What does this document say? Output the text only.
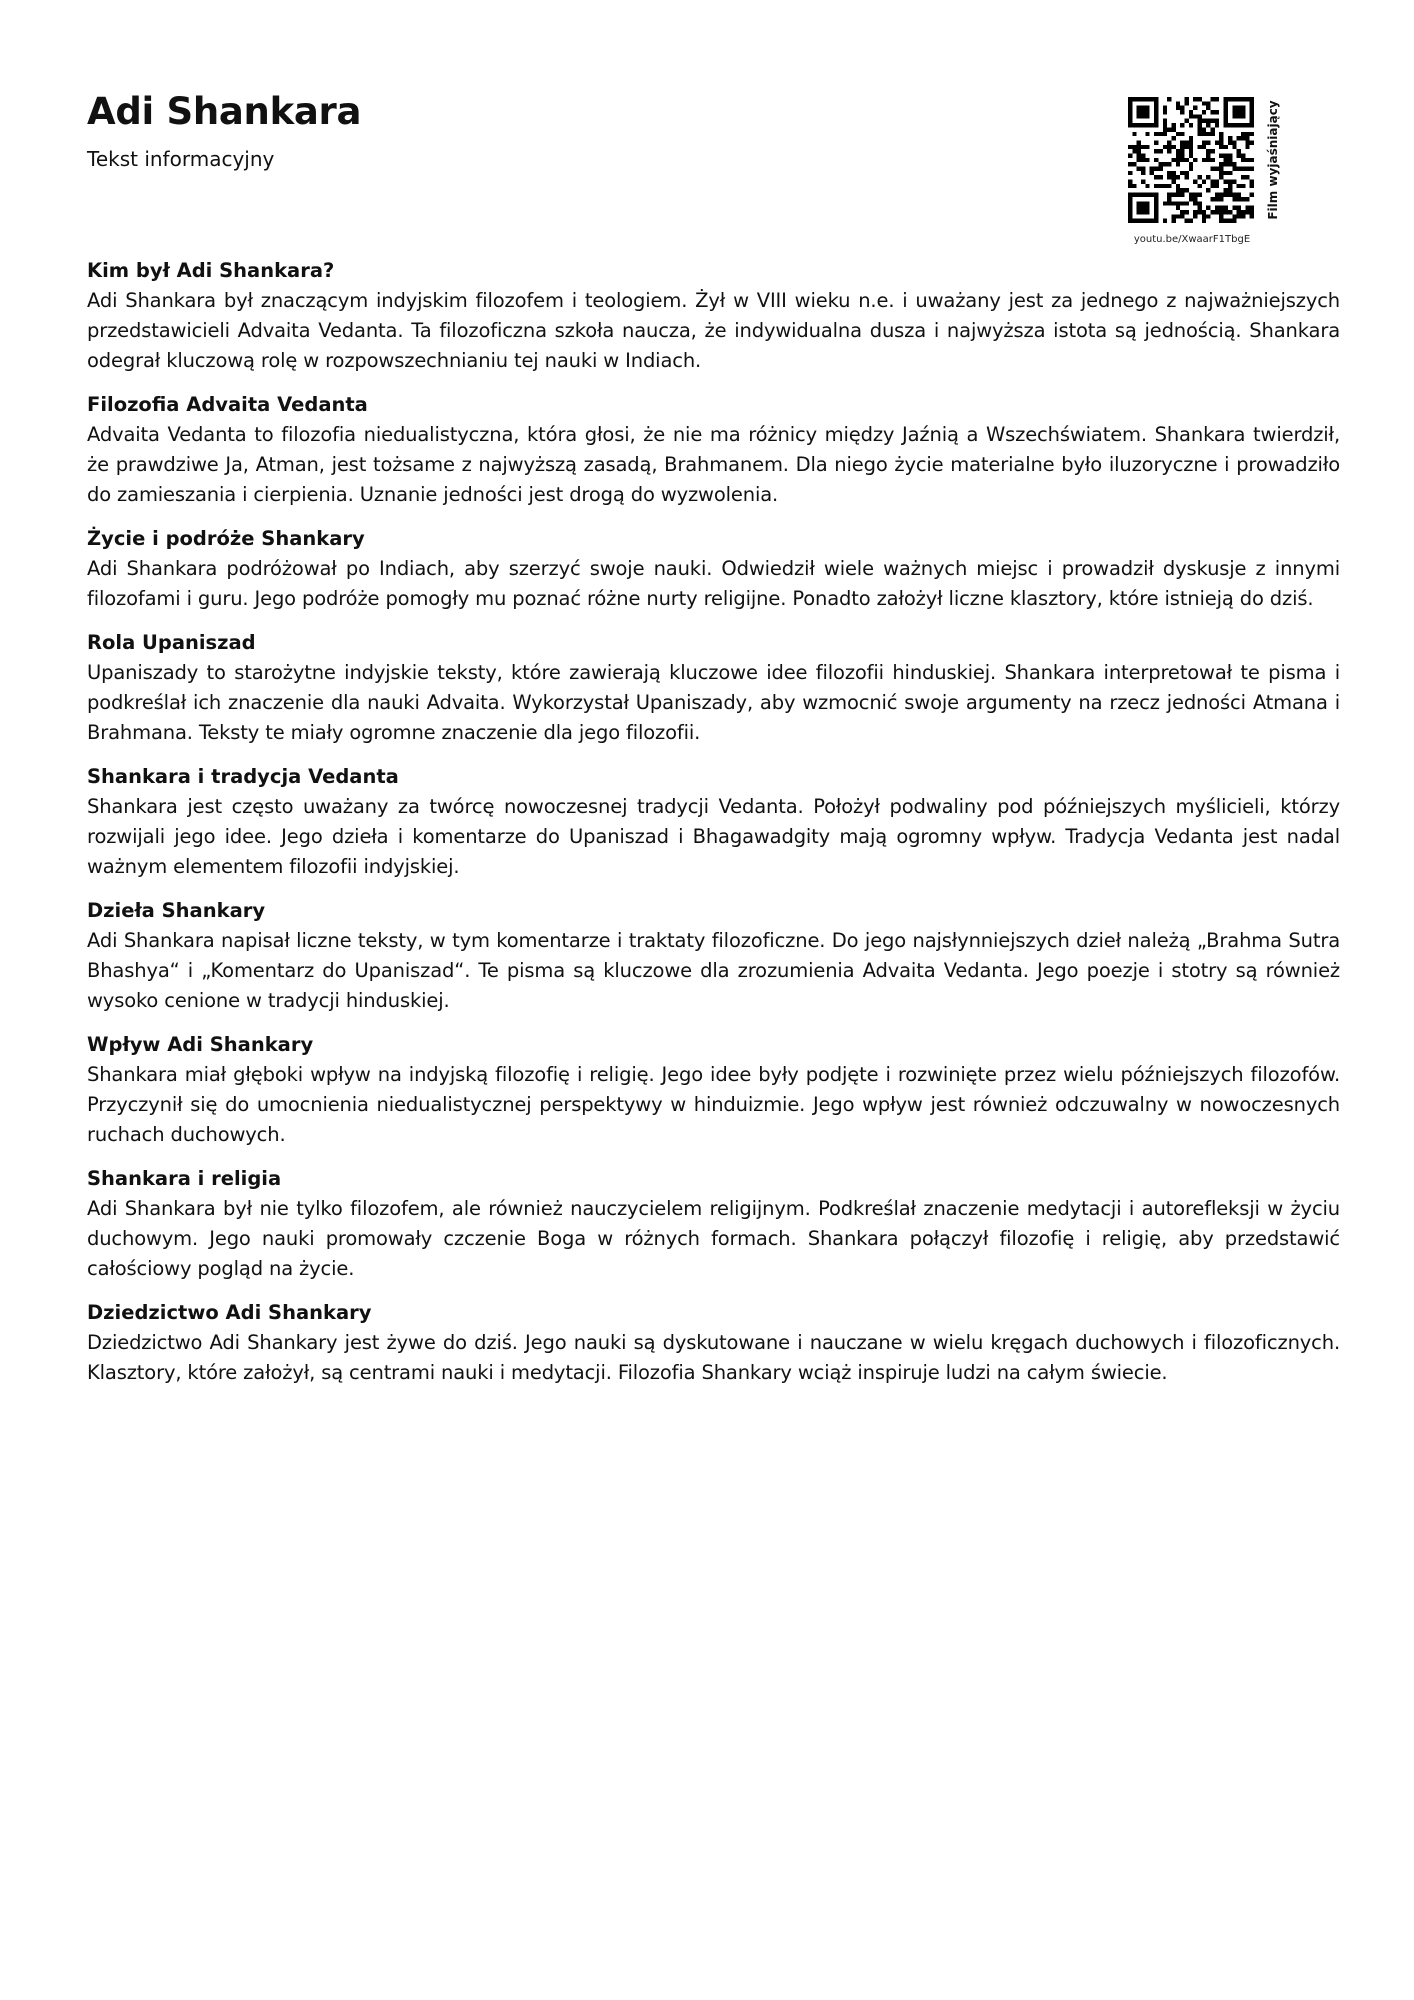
Adi Shankara

Tekst informacyjny

youtu.be/XwaarF1TbgE
Film wyjaśniający
Kim był Adi Shankara?

Adi Shankara był znaczącym indyjskim filozofem i teologiem. Żył w VIII wieku n.e. i uważany jest za jednego z najważniejszych przedstawicieli Advaita Vedanta. Ta filozoficzna szkoła naucza, że indywidualna dusza i najwyższa istota są jednością. Shankara odegrał kluczową rolę w rozpowszechnianiu tej nauki w Indiach.

Filozofia Advaita Vedanta

Advaita Vedanta to filozofia niedualistyczna, która głosi, że nie ma różnicy między Jaźnią a Wszechświatem. Shankara twierdził, że prawdziwe Ja, Atman, jest tożsame z najwyższą zasadą, Brahmanem. Dla niego życie materialne było iluzoryczne i prowadziło do zamieszania i cierpienia. Uznanie jedności jest drogą do wyzwolenia.

Życie i podróże Shankary

Adi Shankara podróżował po Indiach, aby szerzyć swoje nauki. Odwiedził wiele ważnych miejsc i prowadził dyskusje z innymi filozofami i guru. Jego podróże pomogły mu poznać różne nurty religijne. Ponadto założył liczne klasztory, które istnieją do dziś.

Rola Upaniszad

Upaniszady to starożytne indyjskie teksty, które zawierają kluczowe idee filozofii hinduskiej. Shankara interpretował te pisma i podkreślał ich znaczenie dla nauki Advaita. Wykorzystał Upaniszady, aby wzmocnić swoje argumenty na rzecz jedności Atmana i Brahmana. Teksty te miały ogromne znaczenie dla jego filozofii.

Shankara i tradycja Vedanta

Shankara jest często uważany za twórcę nowoczesnej tradycji Vedanta. Położył podwaliny pod późniejszych myślicieli, którzy rozwijali jego idee. Jego dzieła i komentarze do Upaniszad i Bhagawadgity mają ogromny wpływ. Tradycja Vedanta jest nadal ważnym elementem filozofii indyjskiej.

Dzieła Shankary

Adi Shankara napisał liczne teksty, w tym komentarze i traktaty filozoficzne. Do jego najsłynniejszych dzieł należą „Brahma Sutra Bhashya“ i „Komentarz do Upaniszad“. Te pisma są kluczowe dla zrozumienia Advaita Vedanta. Jego poezje i stotry są również wysoko cenione w tradycji hinduskiej.

Wpływ Adi Shankary

Shankara miał głęboki wpływ na indyjską filozofię i religię. Jego idee były podjęte i rozwinięte przez wielu późniejszych filozofów. Przyczynił się do umocnienia niedualistycznej perspektywy w hinduizmie. Jego wpływ jest również odczuwalny w nowoczesnych ruchach duchowych.

Shankara i religia

Adi Shankara był nie tylko filozofem, ale również nauczycielem religijnym. Podkreślał znaczenie medytacji i autorefleksji w życiu duchowym. Jego nauki promowały czczenie Boga w różnych formach. Shankara połączył filozofię i religię, aby przedstawić całościowy pogląd na życie.

Dziedzictwo Adi Shankary

Dziedzictwo Adi Shankary jest żywe do dziś. Jego nauki są dyskutowane i nauczane w wielu kręgach duchowych i filozoficznych. Klasztory, które założył, są centrami nauki i medytacji. Filozofia Shankary wciąż inspiruje ludzi na całym świecie.
